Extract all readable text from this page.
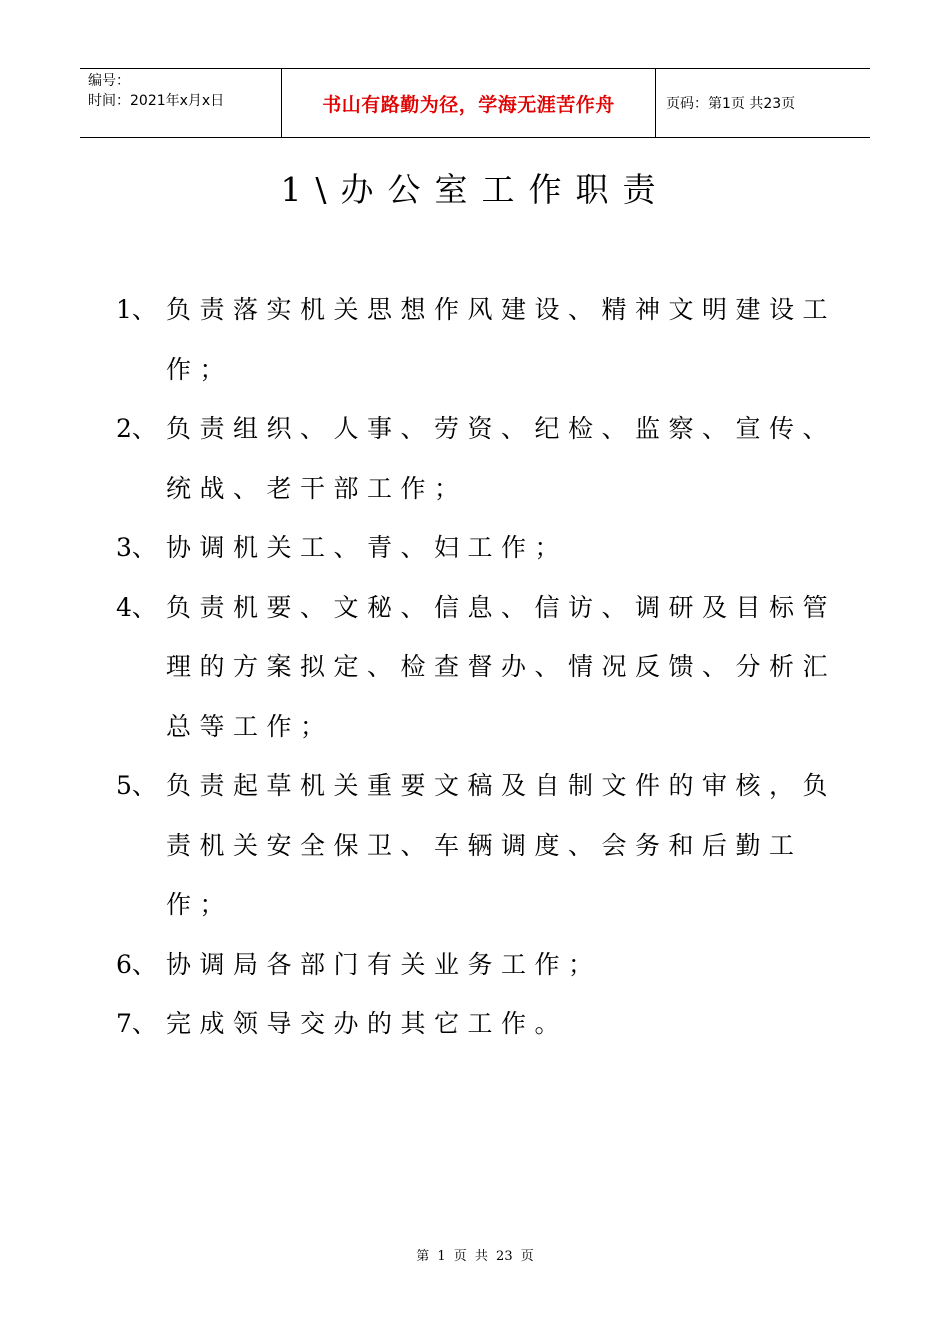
编号：
时间：2021年x月x日	书山有路勤为径，学海无涯苦作舟	页码：第1页 共23页
1\办公室工作职责
1、 负责落实机关思想作风建设、精神文明建设工作；
2、 负责组织、人事、劳资、纪检、监察、宣传、统战、老干部工作；
3、 协调机关工、青、妇工作；
4、 负责机要、文秘、信息、信访、调研及目标管理的方案拟定、检查督办、情况反馈、分析汇总等工作；
5、 负责起草机关重要文稿及自制文件的审核，负责机关安全保卫、车辆调度、会务和后勤工作；
6、 协调局各部门有关业务工作；
7、 完成领导交办的其它工作。
第 1 页 共 23 页
